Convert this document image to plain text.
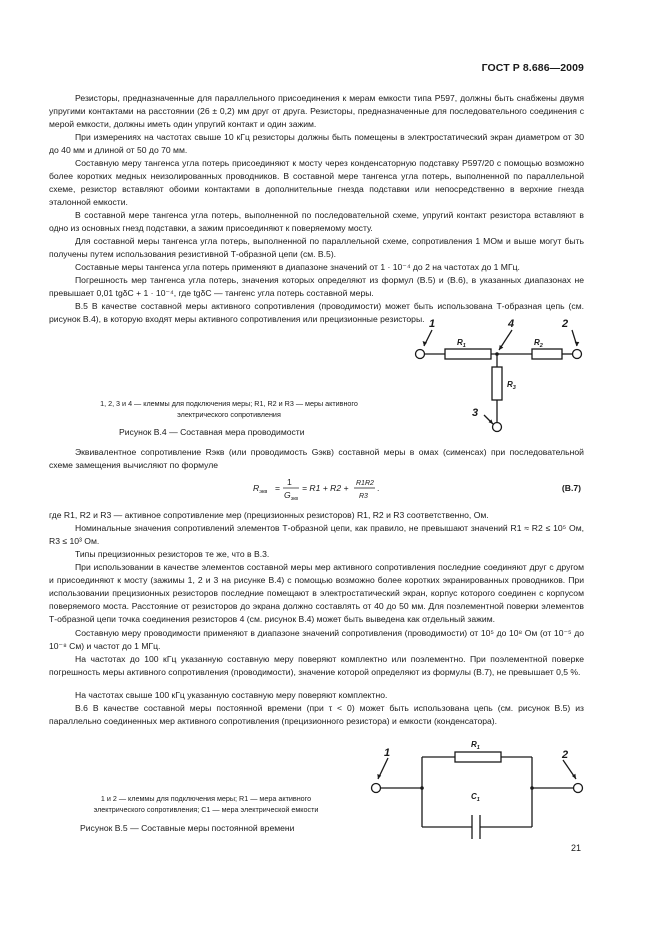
ГОСТ Р 8.686—2009
Резисторы, предназначенные для параллельного присоединения к мерам емкости типа Р597, должны быть снабжены двумя упругими контактами на расстоянии (26 ± 0,2) мм друг от друга. Резисторы, предназначенные для последовательного соединения с мерой емкости, должны иметь один упругий контакт и один зажим.
При измерениях на частотах свыше 10 кГц резисторы должны быть помещены в электростатический экран диаметром от 30 до 40 мм и длиной от 50 до 70 мм.
Составную меру тангенса угла потерь присоединяют к мосту через конденсаторную подставку Р597/20 с помощью возможно более коротких медных неизолированных проводников. В составной мере тангенса угла потерь, выполненной по параллельной схеме, резистор вставляют обоими контактами в дополнительные гнезда подставки или непосредственно в верхние гнезда эталонной емкости.
В составной мере тангенса угла потерь, выполненной по последовательной схеме, упругий контакт резистора вставляют в одно из основных гнезд подставки, а зажим присоединяют к поверяемому мосту.
Для составной меры тангенса угла потерь, выполненной по параллельной схеме, сопротивления 1 МОм и выше могут быть получены путем использования резистивной Т-образной цепи (см. В.5).
Составные меры тангенса угла потерь применяют в диапазоне значений от 1 · 10⁻⁴ до 2 на частотах до 1 МГц.
Погрешность мер тангенса угла потерь, значения которых определяют из формул (В.5) и (В.6), в указанных диапазонах не превышает 0,01 tgδC + 1 · 10⁻⁴, где tgδC — тангенс угла потерь составной меры.
В.5 В качестве составной меры активного сопротивления (проводимости) может быть использована Т-образная цепь (см. рисунок В.4), в которую входят меры активного сопротивления или прецизионные резисторы. 1	2
4
3
$R_1$	$R_2$
$R_3$
1, 2, 3 и 4 — клеммы для подключения меры; R1, R2 и R3 — меры активного
электрического сопротивления
Рисунок В.4 — Составная мера проводимости
Эквивалентное сопротивление Rэкв (или проводимость Gэкв) составной меры в омах (сименсах) при последовательной схеме замещения вычисляют по формуле
$R_{экв}$ =
1
$G_{экв}$
= R1 + R2 + R1R2
R3
.	(В.7)
где R1, R2 и R3 — активное сопротивление мер (прецизионных резисторов) R1, R2 и R3 соответственно, Ом.
Номинальные значения сопротивлений элементов Т-образной цепи, как правило, не превышают значений R1 ≈ R2 ≤ 10⁵ Ом, R3 ≤ 10³ Ом.
Типы прецизионных резисторов те же, что в В.3.
При использовании в качестве элементов составной меры мер активного сопротивления последние соединяют друг с другом и присоединяют к мосту (зажимы 1, 2 и 3 на рисунке В.4) с помощью возможно более коротких экранированных проводников. При использовании прецизионных резисторов последние помещают в электростатический экран, корпус которого соединен с корпусом поверяемого моста. Расстояние от резисторов до экрана должно составлять от 40 до 50 мм. Для поэлементной поверки элементов Т-образной цепи точка соединения резисторов 4 (см. рисунок В.4) может быть выведена как отдельный зажим.
Составную меру проводимости применяют в диапазоне значений сопротивления (проводимости) от 10⁵ до 10⁸ Ом (от 10⁻⁵ до 10⁻⁸ См) и частот до 1 МГц.
На частотах до 100 кГц указанную составную меру поверяют комплектно или поэлементно. При поэлементной поверке погрешность меры активного сопротивления (проводимости), значение которой определяют из формулы (В.7), не превышает 0,5 %.
На частотах свыше 100 кГц указанную составную меру поверяют комплектно.
В.6 В качестве составной меры постоянной времени (при τ < 0) может быть использована цепь (см. рисунок В.5) из параллельно соединенных мер активного сопротивления (прецизионного резистора) и емкости (конденсатора).
1	2
$R_1$
$C_1$
1 и 2 — клеммы для подключения меры; R1 — мера активного
электрического сопротивления; C1 — мера электрической емкости
Рисунок В.5 — Составные меры постоянной времени
21
